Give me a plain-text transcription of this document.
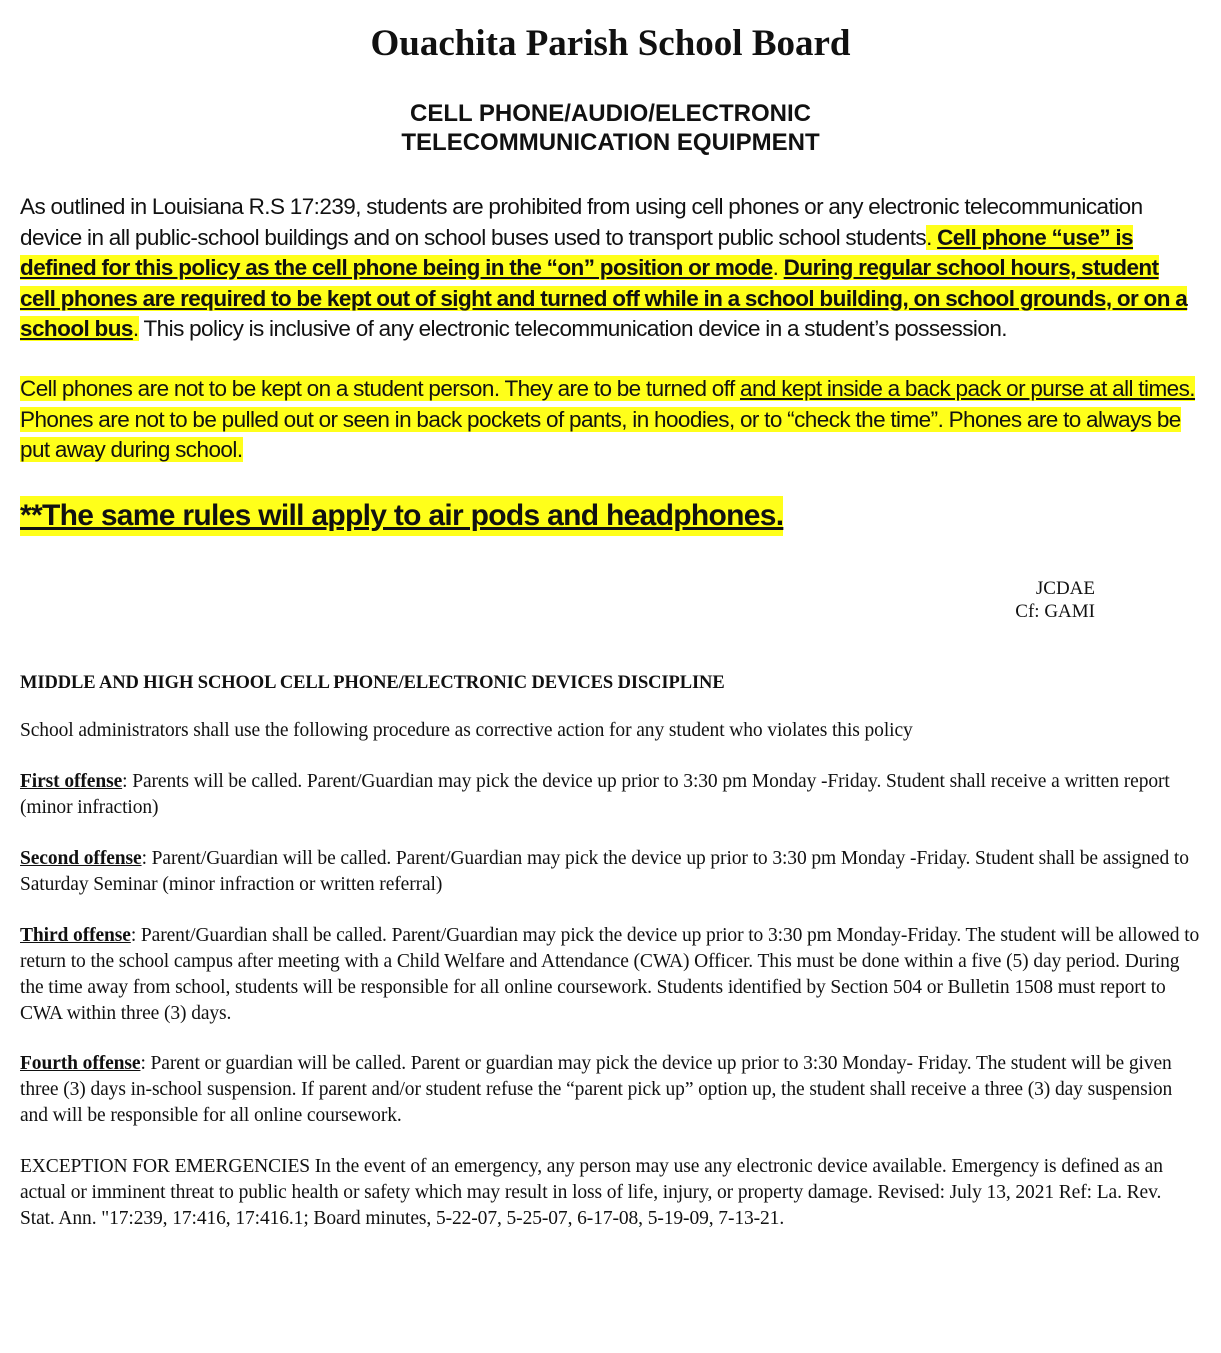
Ouachita Parish School Board
CELL PHONE/AUDIO/ELECTRONIC
TELECOMMUNICATION EQUIPMENT
As outlined in Louisiana R.S 17:239, students are prohibited from using cell phones or any electronic telecommunication device in all public-school buildings and on school buses used to transport public school students. Cell phone “use” is defined for this policy as the cell phone being in the “on” position or mode. During regular school hours, student cell phones are required to be kept out of sight and turned off while in a school building, on school grounds, or on a school bus. This policy is inclusive of any electronic telecommunication device in a student’s possession.
Cell phones are not to be kept on a student person. They are to be turned off and kept inside a back pack or purse at all times. Phones are not to be pulled out or seen in back pockets of pants, in hoodies, or to “check the time”. Phones are to always be put away during school.
**The same rules will apply to air pods and headphones.
JCDAE
Cf: GAMI
MIDDLE AND HIGH SCHOOL CELL PHONE/ELECTRONIC DEVICES DISCIPLINE
School administrators shall use the following procedure as corrective action for any student who violates this policy
First offense: Parents will be called. Parent/Guardian may pick the device up prior to 3:30 pm Monday -Friday. Student shall receive a written report (minor infraction)
Second offense: Parent/Guardian will be called. Parent/Guardian may pick the device up prior to 3:30 pm Monday -Friday. Student shall be assigned to Saturday Seminar (minor infraction or written referral)
Third offense: Parent/Guardian shall be called. Parent/Guardian may pick the device up prior to 3:30 pm Monday-Friday. The student will be allowed to return to the school campus after meeting with a Child Welfare and Attendance (CWA) Officer. This must be done within a five (5) day period. During the time away from school, students will be responsible for all online coursework. Students identified by Section 504 or Bulletin 1508 must report to CWA within three (3) days.
Fourth offense: Parent or guardian will be called. Parent or guardian may pick the device up prior to 3:30 Monday- Friday. The student will be given three (3) days in-school suspension. If parent and/or student refuse the “parent pick up” option up, the student shall receive a three (3) day suspension and will be responsible for all online coursework.
EXCEPTION FOR EMERGENCIES In the event of an emergency, any person may use any electronic device available. Emergency is defined as an actual or imminent threat to public health or safety which may result in loss of life, injury, or property damage. Revised: July 13, 2021 Ref: La. Rev. Stat. Ann. "17:239, 17:416, 17:416.1; Board minutes, 5-22-07, 5-25-07, 6-17-08, 5-19-09, 7-13-21.
